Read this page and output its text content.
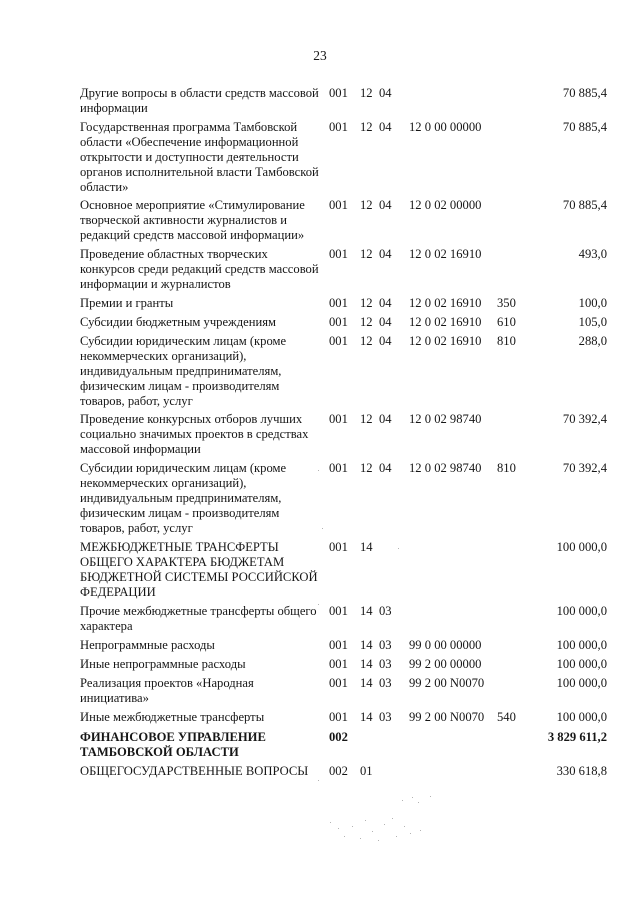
23
Другие вопросы в области средств массовой информации
001 12 04	70 885,4
Государственная программа Тамбовской области «Обеспечение информационной открытости и доступности деятельности органов исполнительной власти Тамбовской области»
001 12 04 12 0 00 00000	70 885,4
Основное мероприятие «Стимулирование творческой активности журналистов и редакций средств массовой информации»
001 12 04 12 0 02 00000	70 885,4
Проведение областных творческих конкурсов среди редакций средств массовой информации и журналистов
001 12 04 12 0 02 16910	493,0
Премии и гранты	001 12 04 12 0 02 16910 350	100,0
Субсидии бюджетным учреждениям	001 12 04 12 0 02 16910 610	105,0
Субсидии юридическим лицам (кроме некоммерческих организаций), индивидуальным предпринимателям, физическим лицам - производителям товаров, работ, услуг
001 12 04 12 0 02 16910 810	288,0
Проведение конкурсных отборов лучших социально значимых проектов в средствах массовой информации
001 12 04 12 0 02 98740	70 392,4
Субсидии юридическим лицам (кроме некоммерческих организаций), индивидуальным предпринимателям, физическим лицам - производителям товаров, работ, услуг
001 12 04 12 0 02 98740 810	70 392,4
МЕЖБЮДЖЕТНЫЕ ТРАНСФЕРТЫ ОБЩЕГО ХАРАКТЕРА БЮДЖЕТАМ БЮДЖЕТНОЙ СИСТЕМЫ РОССИЙСКОЙ ФЕДЕРАЦИИ
001 14	100 000,0
Прочие межбюджетные трансферты общего характера
001 14 03	100 000,0
Непрограммные расходы	001 14 03 99 0 00 00000	100 000,0
Иные непрограммные расходы	001 14 03 99 2 00 00000	100 000,0
Реализация проектов «Народная инициатива»
001 14 03 99 2 00 N0070	100 000,0
Иные межбюджетные трансферты	001 14 03 99 2 00 N0070 540	100 000,0
ФИНАНСОВОЕ УПРАВЛЕНИЕ ТАМБОВСКОЙ ОБЛАСТИ
002	3 829 611,2
ОБЩЕГОСУДАРСТВЕННЫЕ ВОПРОСЫ	002 01	330 618,8
